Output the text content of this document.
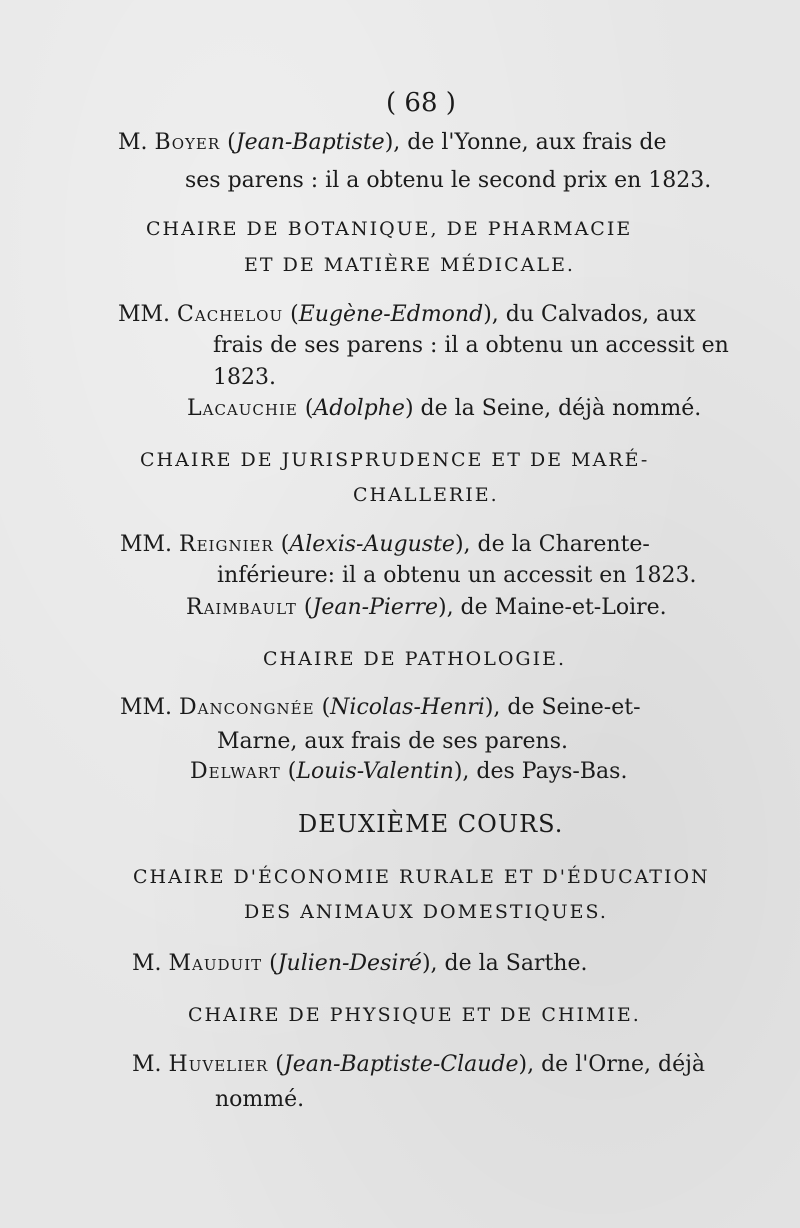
( 68 )
M. Boyer (Jean-Baptiste), de l'Yonne, aux frais de
ses parens : il a obtenu le second prix en 1823.
CHAIRE DE BOTANIQUE, DE PHARMACIE
ET DE MATIÈRE MÉDICALE.
MM. Cachelou (Eugène-Edmond), du Calvados, aux
frais de ses parens : il a obtenu un accessit en
1823.
Lacauchie (Adolphe) de la Seine, déjà nommé.
CHAIRE DE JURISPRUDENCE ET DE MARÉ-
CHALLERIE.
MM. Reignier (Alexis-Auguste), de la Charente-
inférieure: il a obtenu un accessit en 1823.
Raimbault (Jean-Pierre), de Maine-et-Loire.
CHAIRE DE PATHOLOGIE.
MM. Dancongnée (Nicolas-Henri), de Seine-et-
Marne, aux frais de ses parens.
Delwart (Louis-Valentin), des Pays-Bas.
DEUXIÈME COURS.
CHAIRE D'ÉCONOMIE RURALE ET D'ÉDUCATION
DES ANIMAUX DOMESTIQUES.
M. Mauduit (Julien-Desiré), de la Sarthe.
CHAIRE DE PHYSIQUE ET DE CHIMIE.
M. Huvelier (Jean-Baptiste-Claude), de l'Orne, déjà
nommé.
